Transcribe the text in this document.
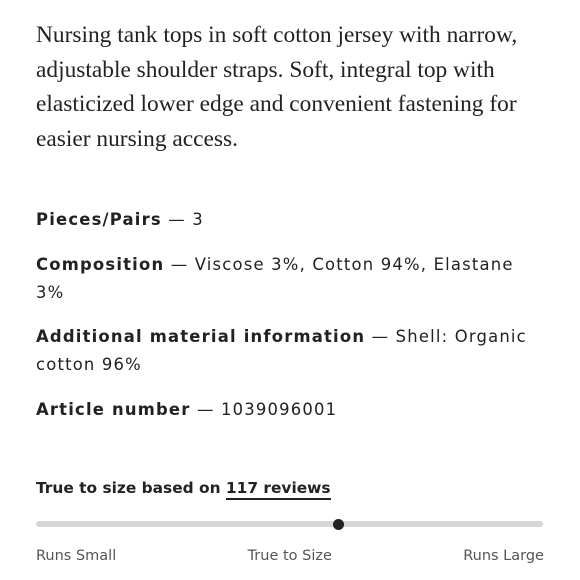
Nursing tank tops in soft cotton jersey with narrow, adjustable shoulder straps. Soft, integral top with elasticized lower edge and convenient fastening for easier nursing access.

Pieces/Pairs — 3
Composition — Viscose 3%, Cotton 94%, Elastane 3%
Additional material information — Shell: Organic cotton 96%
Article number — 1039096001
True to size based on 117 reviews
Runs Small	True to Size	Runs Large
